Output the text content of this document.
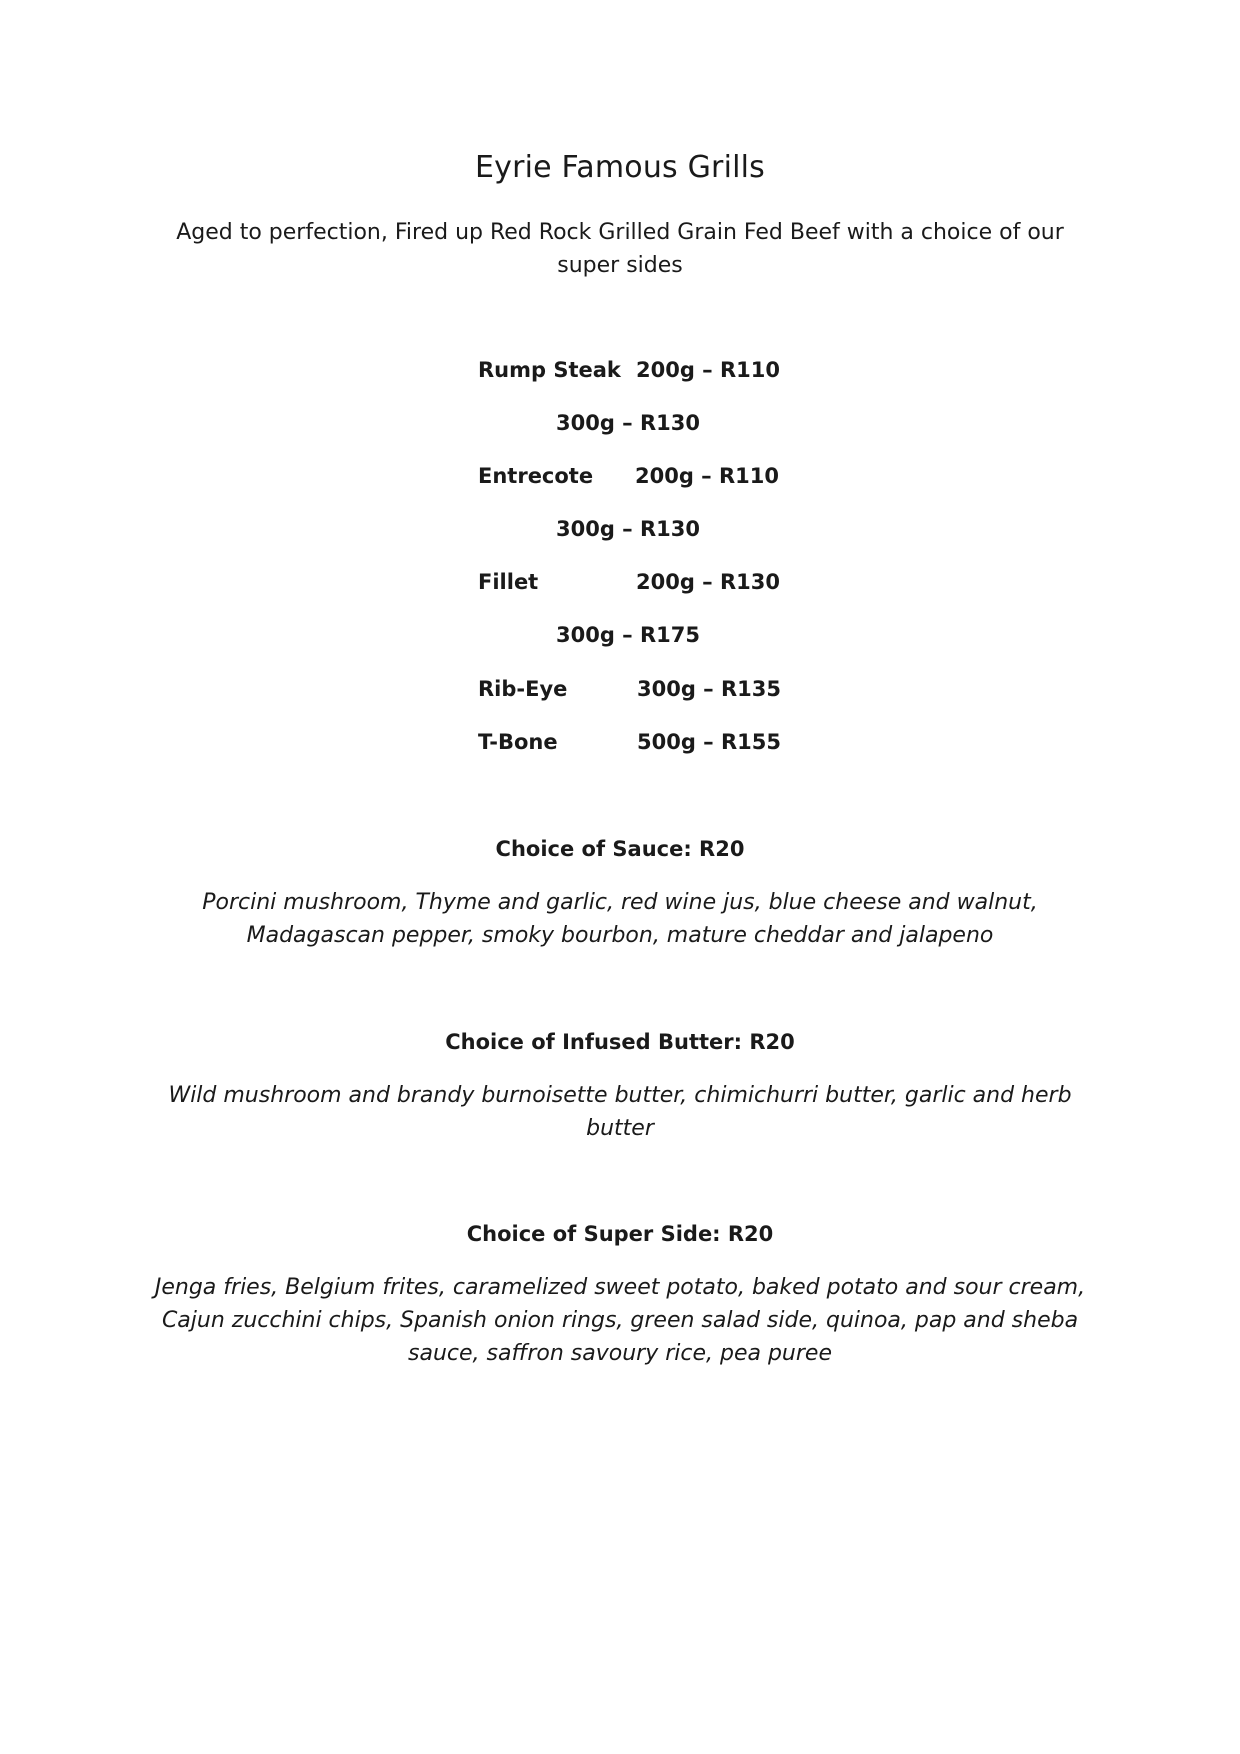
Eyrie Famous Grills
Aged to perfection, Fired up Red Rock Grilled Grain Fed Beef with a choice of our super sides
Rump Steak 200g – R110
300g – R130
Entrecote 200g – R110
300g – R130
Fillet	200g – R130
300g – R175
Rib-Eye	300g – R135
T-Bone	500g – R155
Choice of Sauce: R20
Porcini mushroom, Thyme and garlic, red wine jus, blue cheese and walnut, Madagascan pepper, smoky bourbon, mature cheddar and jalapeno
Choice of Infused Butter: R20
Wild mushroom and brandy burnoisette butter, chimichurri butter, garlic and herb butter
Choice of Super Side: R20
Jenga fries, Belgium frites, caramelized sweet potato, baked potato and sour cream, Cajun zucchini chips, Spanish onion rings, green salad side, quinoa, pap and sheba sauce, saffron savoury rice, pea puree
